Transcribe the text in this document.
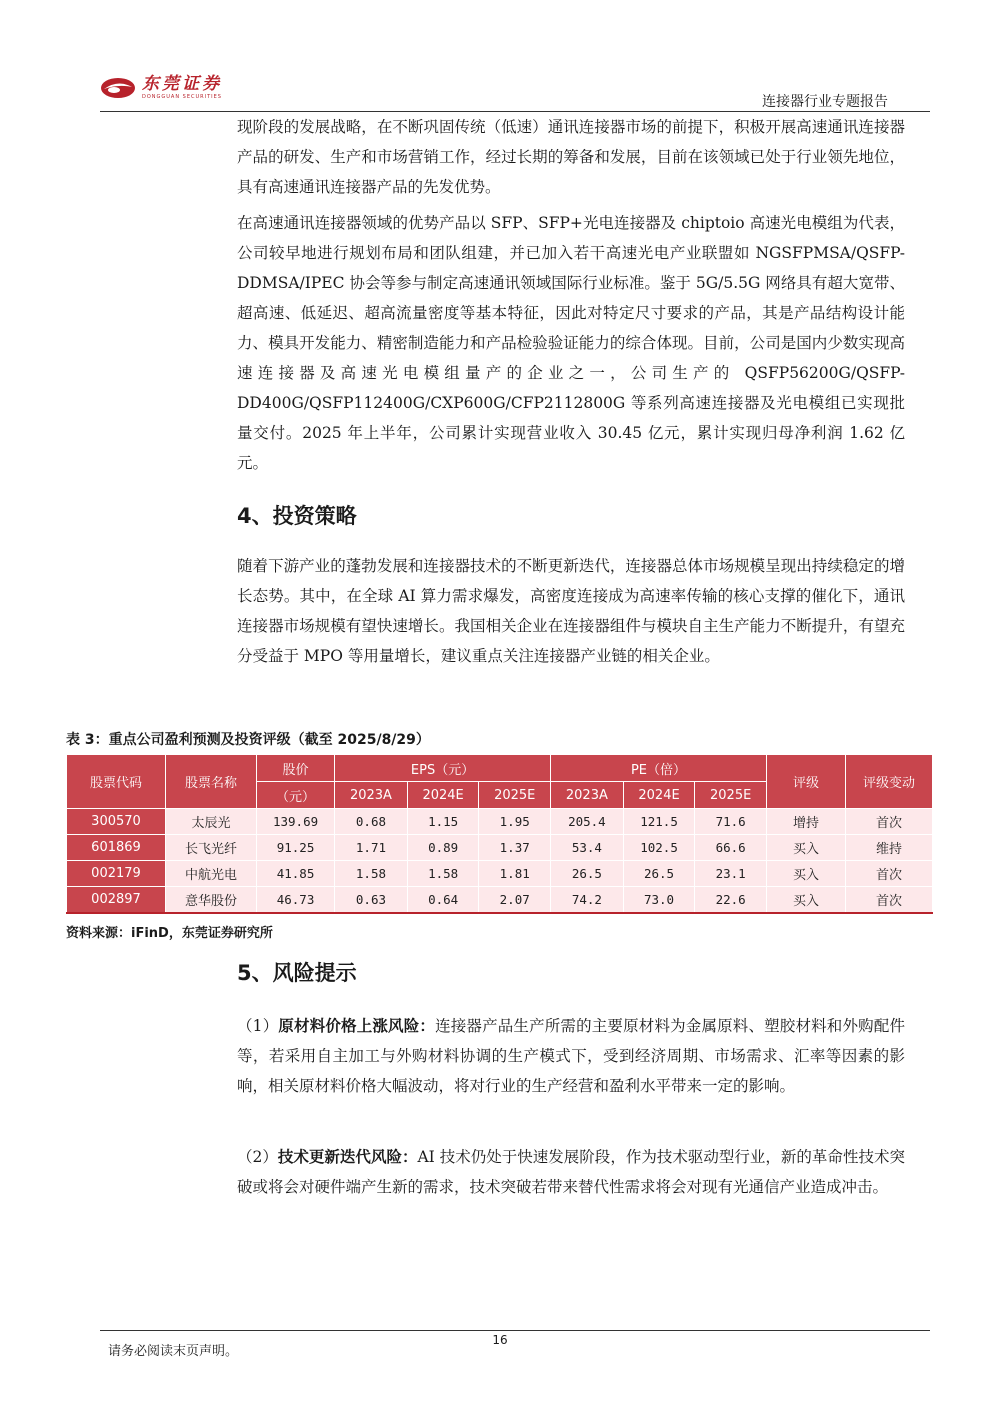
东莞证券
DONGGUAN SECURITIES	连接器行业专题报告

现阶段的发展战略，在不断巩固传统（低速）通讯连接器市场的前提下，积极开展高速通讯连接器产品的研发、生产和市场营销工作，经过长期的筹备和发展，目前在该领域已处于行业领先地位，具有高速通讯连接器产品的先发优势。

在高速通讯连接器领域的优势产品以 SFP、SFP+光电连接器及 chiptoio 高速光电模组为代表，公司较早地进行规划布局和团队组建，并已加入若干高速光电产业联盟如 NGSFPMSA/QSFP-DDMSA/IPEC 协会等参与制定高速通讯领域国际行业标准。鉴于 5G/5.5G 网络具有超大宽带、超高速、低延迟、超高流量密度等基本特征，因此对特定尺寸要求的产品，其是产品结构设计能力、模具开发能力、精密制造能力和产品检验验证能力的综合体现。目前，公司是国内少数实现高速连接器及高速光电模组量产的企业之一，公司生产的 QSFP56200G/QSFP-DD400G/QSFP112400G/CXP600G/CFP2112800G 等系列高速连接器及光电模组已实现批量交付。2025 年上半年，公司累计实现营业收入 30.45 亿元，累计实现归母净利润 1.62 亿元。

4、投资策略

随着下游产业的蓬勃发展和连接器技术的不断更新迭代，连接器总体市场规模呈现出持续稳定的增长态势。其中，在全球 AI 算力需求爆发，高密度连接成为高速率传输的核心支撑的催化下，通讯连接器市场规模有望快速增长。我国相关企业在连接器组件与模块自主生产能力不断提升，有望充分受益于 MPO 等用量增长，建议重点关注连接器产业链的相关企业。

表 3：重点公司盈利预测及投资评级（截至 2025/8/29）

股票代码	股票名称	股价	EPS（元）			PE（倍）			评级	评级变动
		（元）	2023A	2024E	2025E	2023A	2024E	2025E		
300570	太辰光	139.69	0.68	1.15	1.95	205.4	121.5	71.6	增持	首次
601869	长飞光纤	91.25	1.71	0.89	1.37	53.4	102.5	66.6	买入	维持
002179	中航光电	41.85	1.58	1.58	1.81	26.5	26.5	23.1	买入	首次
002897	意华股份	46.73	0.63	0.64	2.07	74.2	73.0	22.6	买入	首次

资料来源：iFinD，东莞证券研究所

5、风险提示

（1）原材料价格上涨风险：连接器产品生产所需的主要原材料为金属原料、塑胶材料和外购配件等，若采用自主加工与外购材料协调的生产模式下，受到经济周期、市场需求、汇率等因素的影响，相关原材料价格大幅波动，将对行业的生产经营和盈利水平带来一定的影响。

（2）技术更新迭代风险：AI 技术仍处于快速发展阶段，作为技术驱动型行业，新的革命性技术突破或将会对硬件端产生新的需求，技术突破若带来替代性需求将会对现有光通信产业造成冲击。

16
请务必阅读末页声明。
